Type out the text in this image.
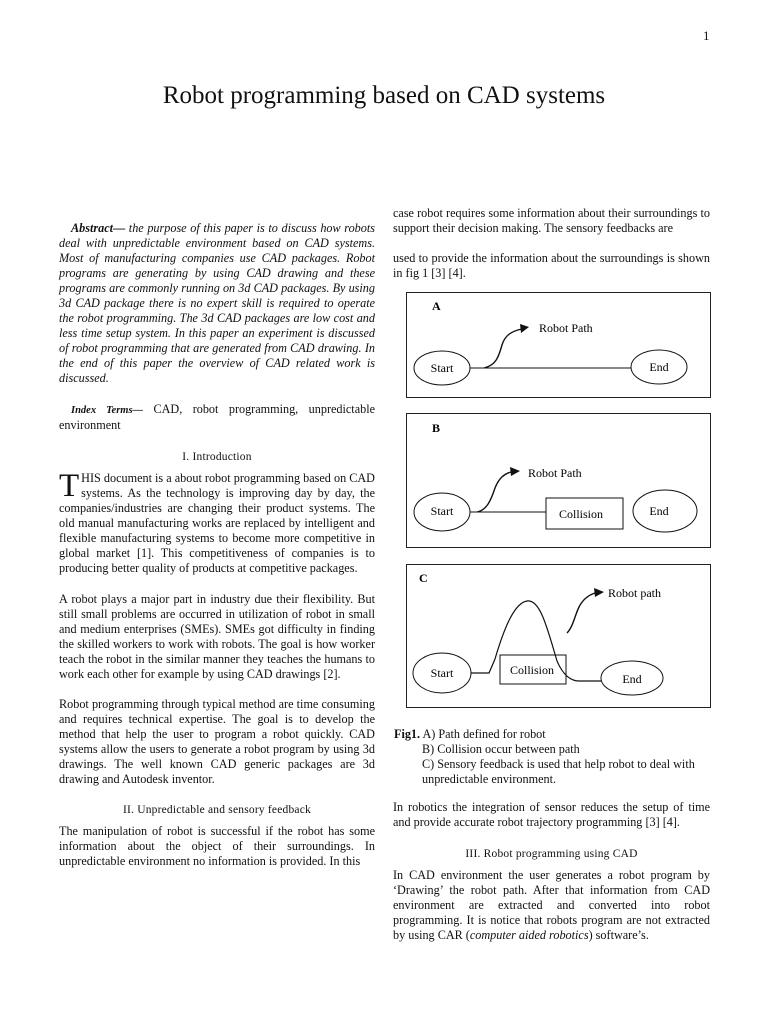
1
Robot programming based on CAD systems

Abstract— the purpose of this paper is to discuss how robots deal with unpredictable environment based on CAD systems. Most of manufacturing companies use CAD packages. Robot programs are generating by using CAD drawing and these programs are commonly running on 3d CAD packages. By using 3d CAD package there is no expert skill is required to operate the robot programming. The 3d CAD packages are low cost and less time setup system. In this paper an experiment is discussed of robot programming that are generated from CAD drawing. In the end of this paper the overview of CAD related work is discussed.

Index Terms— CAD, robot programming, unpredictable environment

I. Introduction

THIS document is a about robot programming based on CAD systems. As the technology is improving day by day, the companies/industries are changing their product systems. The old manual manufacturing works are replaced by intelligent and flexible manufacturing systems to become more competitive in global market [1]. This competitiveness of companies is to producing better quality of products at competitive packages.

A robot plays a major part in industry due their flexibility. But still small problems are occurred in utilization of robot in small and medium enterprises (SMEs). SMEs got difficulty in finding the skilled workers to work with robots. The goal is how worker teach the robot in the similar manner they teaches the humans to work each other for example by using CAD drawings [2].

Robot programming through typical method are time consuming and requires technical expertise. The goal is to develop the method that help the user to program a robot quickly. CAD systems allow the users to generate a robot program by using 3d drawings. The well known CAD generic packages are 3d drawing and Autodesk inventor.

II. Unpredictable and sensory feedback

The manipulation of robot is successful if the robot has some information about the object of their surroundings. In unpredictable environment no information is provided. In this

case robot requires some information about their surroundings to support their decision making. The sensory feedbacks are

used to provide the information about the surroundings is shown in fig 1 [3] [4].

A
Start	End
Robot Path
B
Start	End
Collision
Robot Path
C
Start	End
Collision
Robot path
Fig1. A) Path defined for robot
B) Collision occur between path
C) Sensory feedback is used that help robot to deal with unpredictable environment.

In robotics the integration of sensor reduces the setup of time and provide accurate robot trajectory programming [3] [4].

III. Robot programming using CAD

In CAD environment the user generates a robot program by ‘Drawing’ the robot path. After that information from CAD environment are extracted and converted into robot programming. It is notice that robots program are not extracted by using CAR (computer aided robotics) software’s.
